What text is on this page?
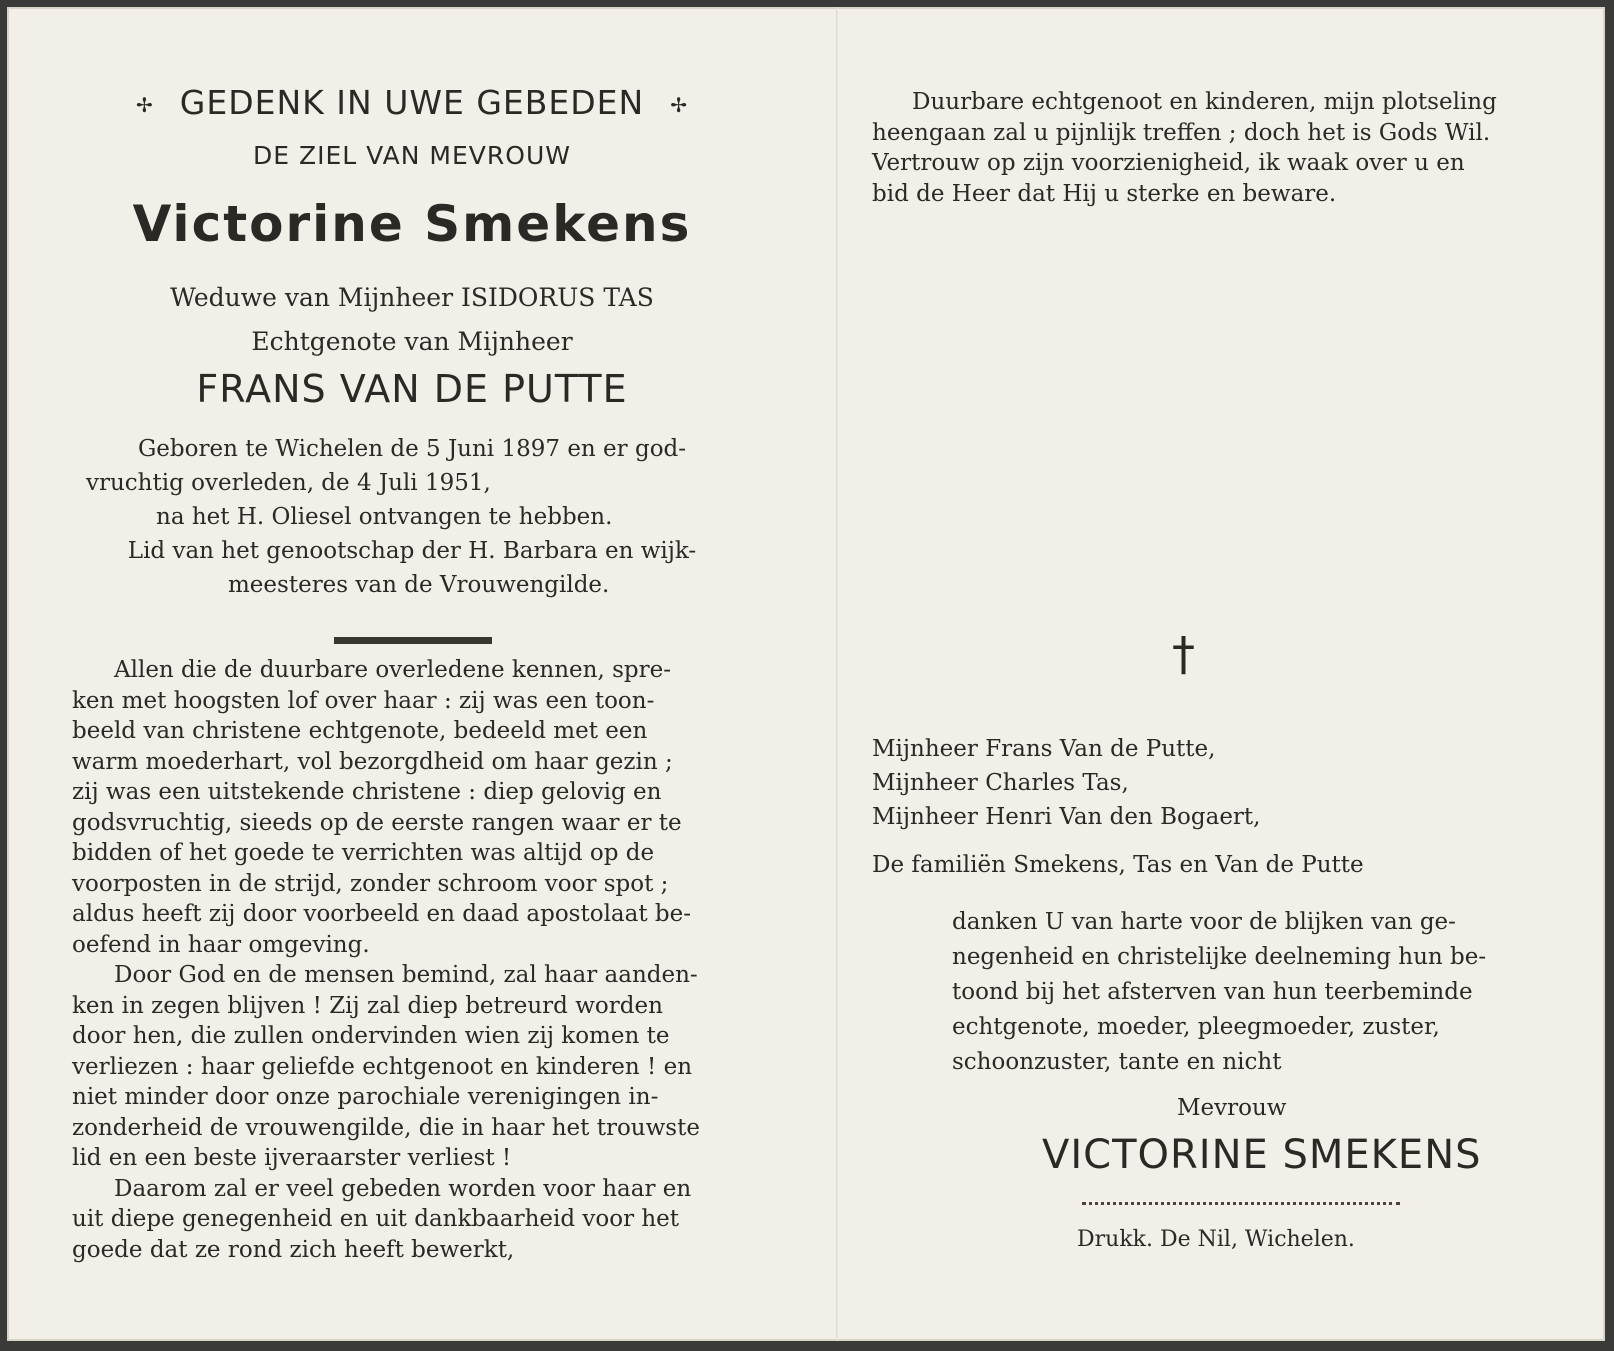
✢ GEDENK IN UWE GEBEDEN ✢
DE ZIEL VAN MEVROUW
Victorine Smekens
Weduwe van Mijnheer ISIDORUS TAS
Echtgenote van Mijnheer
FRANS VAN DE PUTTE
Geboren te Wichelen de 5 Juni 1897 en er god-
vruchtig overleden, de 4 Juli 1951,
na het H. Oliesel ontvangen te hebben.
Lid van het genootschap der H. Barbara en wijk-
meesteres van de Vrouwengilde.
Allen die de duurbare overledene kennen, spre-
ken met hoogsten lof over haar : zij was een toon-
beeld van christene echtgenote, bedeeld met een
warm moederhart, vol bezorgdheid om haar gezin ;
zij was een uitstekende christene : diep gelovig en
godsvruchtig, sieeds op de eerste rangen waar er te
bidden of het goede te verrichten was altijd op de
voorposten in de strijd, zonder schroom voor spot ;
aldus heeft zij door voorbeeld en daad apostolaat be-
oefend in haar omgeving.
Door God en de mensen bemind, zal haar aanden-
ken in zegen blijven ! Zij zal diep betreurd worden
door hen, die zullen ondervinden wien zij komen te
verliezen : haar geliefde echtgenoot en kinderen ! en
niet minder door onze parochiale verenigingen in-
zonderheid de vrouwengilde, die in haar het trouwste
lid en een beste ijveraarster verliest !
Daarom zal er veel gebeden worden voor haar en
uit diepe genegenheid en uit dankbaarheid voor het
goede dat ze rond zich heeft bewerkt,
Duurbare echtgenoot en kinderen, mijn plotseling
heengaan zal u pijnlijk treffen ; doch het is Gods Wil.
Vertrouw op zijn voorzienigheid, ik waak over u en
bid de Heer dat Hij u sterke en beware.
†
Mijnheer Frans Van de Putte,
Mijnheer Charles Tas,
Mijnheer Henri Van den Bogaert,
De familiën Smekens, Tas en Van de Putte
danken U van harte voor de blijken van ge-
negenheid en christelijke deelneming hun be-
toond bij het afsterven van hun teerbeminde
echtgenote, moeder, pleegmoeder, zuster,
schoonzuster, tante en nicht
Mevrouw
VICTORINE SMEKENS
Drukk. De Nil, Wichelen.
